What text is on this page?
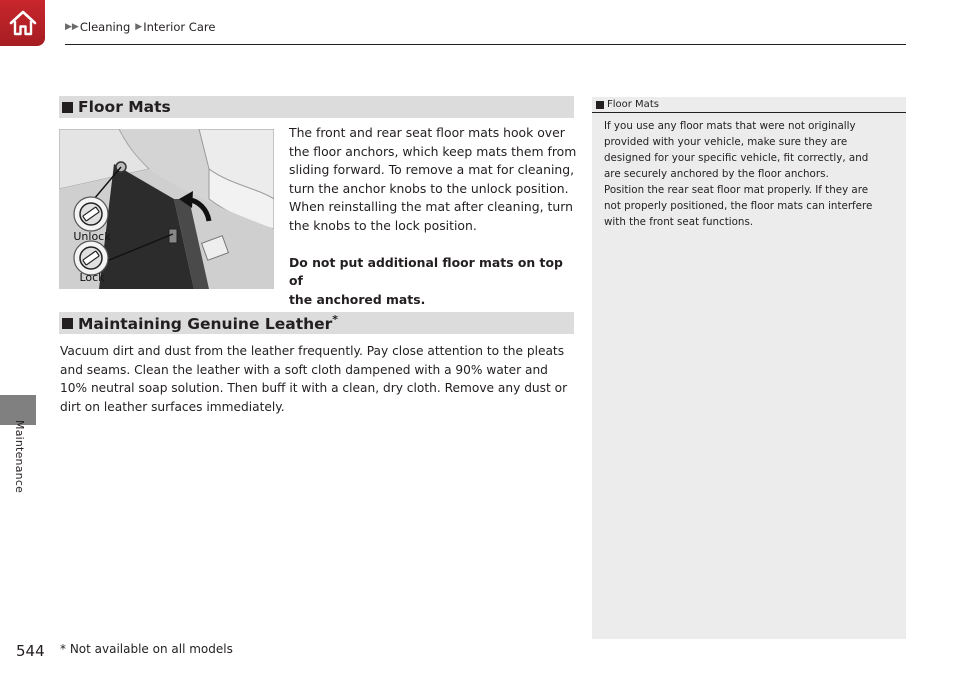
▶▶ Cleaning ▶ Interior Care
Maintenance
Floor Mats
Unlock
Lock
The front and rear seat floor mats hook over
the floor anchors, which keep mats them from
sliding forward. To remove a mat for cleaning,
turn the anchor knobs to the unlock position.
When reinstalling the mat after cleaning, turn
the knobs to the lock position.
Do not put additional floor mats on top of
the anchored mats.
Maintaining Genuine Leather*
Vacuum dirt and dust from the leather frequently. Pay close attention to the pleats
and seams. Clean the leather with a soft cloth dampened with a 90% water and
10% neutral soap solution. Then buff it with a clean, dry cloth. Remove any dust or
dirt on leather surfaces immediately.
Floor Mats
If you use any floor mats that were not originally
provided with your vehicle, make sure they are
designed for your specific vehicle, fit correctly, and
are securely anchored by the floor anchors.
Position the rear seat floor mat properly. If they are
not properly positioned, the floor mats can interfere
with the front seat functions.
544 * Not available on all models
